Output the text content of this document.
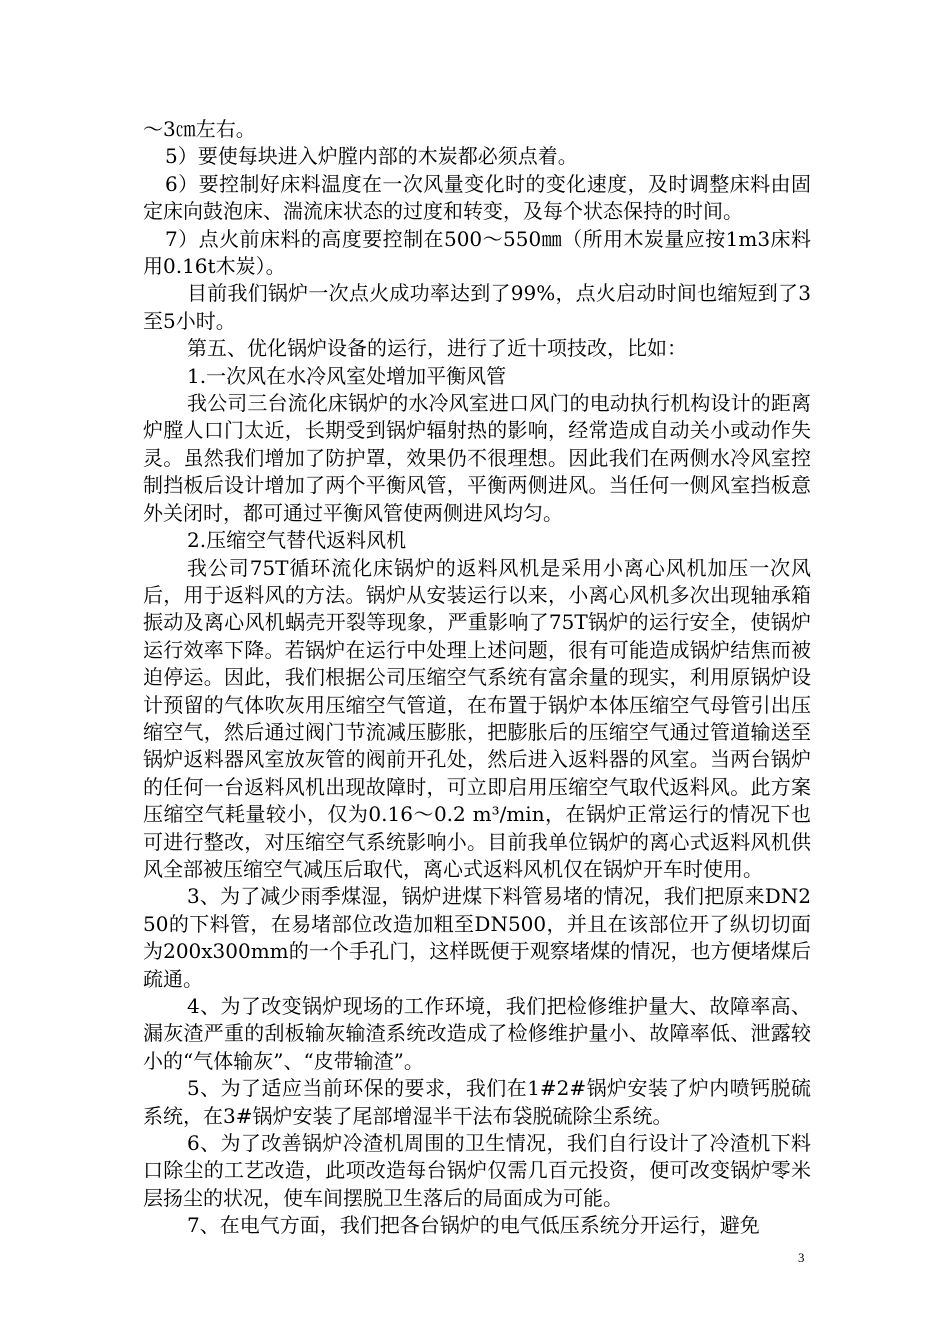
～3㎝左右。

5）要使每块进入炉膛内部的木炭都必须点着。

6）要控制好床料温度在一次风量变化时的变化速度，及时调整床料由固定床向鼓泡床、湍流床状态的过度和转变，及每个状态保持的时间。

7）点火前床料的高度要控制在500～550㎜（所用木炭量应按1m3床料用0.16t木炭）。

目前我们锅炉一次点火成功率达到了99%，点火启动时间也缩短到了3至5小时。

第五、优化锅炉设备的运行，进行了近十项技改，比如：

1.一次风在水冷风室处增加平衡风管

我公司三台流化床锅炉的水冷风室进口风门的电动执行机构设计的距离炉膛人口门太近，长期受到锅炉辐射热的影响，经常造成自动关小或动作失灵。虽然我们增加了防护罩，效果仍不很理想。因此我们在两侧水冷风室控制挡板后设计增加了两个平衡风管，平衡两侧进风。当任何一侧风室挡板意外关闭时，都可通过平衡风管使两侧进风均匀。

2.压缩空气替代返料风机

我公司75T循环流化床锅炉的返料风机是采用小离心风机加压一次风后，用于返料风的方法。锅炉从安装运行以来，小离心风机多次出现轴承箱振动及离心风机蜗壳开裂等现象，严重影响了75T锅炉的运行安全，使锅炉运行效率下降。若锅炉在运行中处理上述问题，很有可能造成锅炉结焦而被迫停运。因此，我们根据公司压缩空气系统有富余量的现实，利用原锅炉设计预留的气体吹灰用压缩空气管道，在布置于锅炉本体压缩空气母管引出压缩空气，然后通过阀门节流减压膨胀，把膨胀后的压缩空气通过管道输送至锅炉返料器风室放灰管的阀前开孔处，然后进入返料器的风室。当两台锅炉的任何一台返料风机出现故障时，可立即启用压缩空气取代返料风。此方案压缩空气耗量较小，仅为0.16～0.2 m³/min，在锅炉正常运行的情况下也可进行整改，对压缩空气系统影响小。目前我单位锅炉的离心式返料风机供风全部被压缩空气减压后取代，离心式返料风机仅在锅炉开车时使用。

3、为了减少雨季煤湿，锅炉进煤下料管易堵的情况，我们把原来DN250的下料管，在易堵部位改造加粗至DN500，并且在该部位开了纵切切面为200x300mm的一个手孔门，这样既便于观察堵煤的情况，也方便堵煤后疏通。

4、为了改变锅炉现场的工作环境，我们把检修维护量大、故障率高、漏灰渣严重的刮板输灰输渣系统改造成了检修维护量小、故障率低、泄露较小的“气体输灰”、“皮带输渣”。

5、为了适应当前环保的要求，我们在1#2#锅炉安装了炉内喷钙脱硫系统，在3#锅炉安装了尾部增湿半干法布袋脱硫除尘系统。

6、为了改善锅炉冷渣机周围的卫生情况，我们自行设计了冷渣机下料口除尘的工艺改造，此项改造每台锅炉仅需几百元投资，便可改变锅炉零米层扬尘的状况，使车间摆脱卫生落后的局面成为可能。

7、在电气方面，我们把各台锅炉的电气低压系统分开运行，避免

3
